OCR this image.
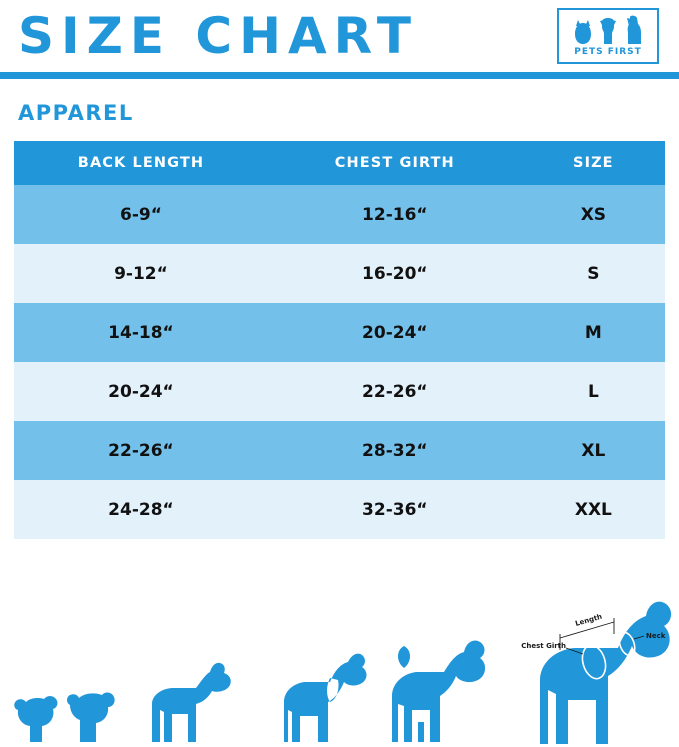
SIZE CHART	PETS FIRST
APPAREL
BACK LENGTH	CHEST GIRTH	SIZE
6-9“	12-16“	XS
9-12“	16-20“	S
14-18“	20-24“	M
20-24“	22-26“	L
22-26“	28-32“	XL
24-28“	32-36“	XXL
Length
Chest Girth
Neck
